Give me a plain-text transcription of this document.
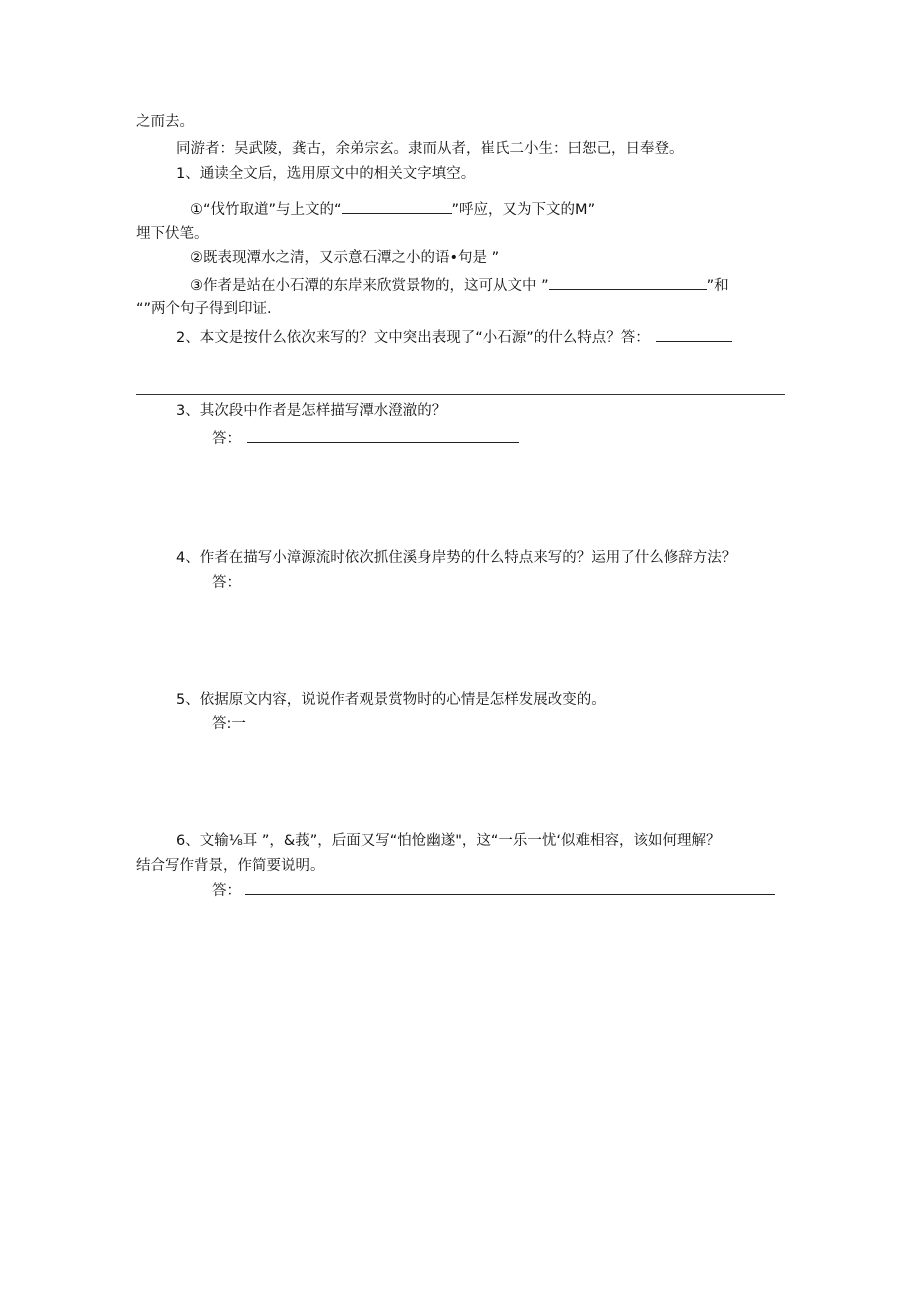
之而去。
同游者：吴武陵，龚古，余弟宗玄。隶而从者，崔氏二小生：曰恕己，日奉登。
1、通读全文后，选用原文中的相关文字填空。
①“伐竹取道”与上文的“	”呼应，又为下文的M”
埋下伏笔。
②既表现潭水之清，又示意石潭之小的语•句是 ”
③作者是站在小石潭的东岸来欣赏景物的，这可从文中 ”	”和
“”两个句子得到印证.
2、本文是按什么依次来写的？文中突出表现了“小石源”的什么特点？答：
3、其次段中作者是怎样描写潭水澄澈的？
答：
4、作者在描写小漳源流时依次抓住溪身岸势的什么特点来写的？运用了什么修辞方法？
答：
5、依据原文内容，说说作者观景赏物时的心情是怎样发展改变的。
答:一
6、文输⅛耳 ”，&莪”，后面又写“怕怆幽遂"，这“一乐一忧‘似难相容，该如何理解？
结合写作背景，作简要说明。
答：
